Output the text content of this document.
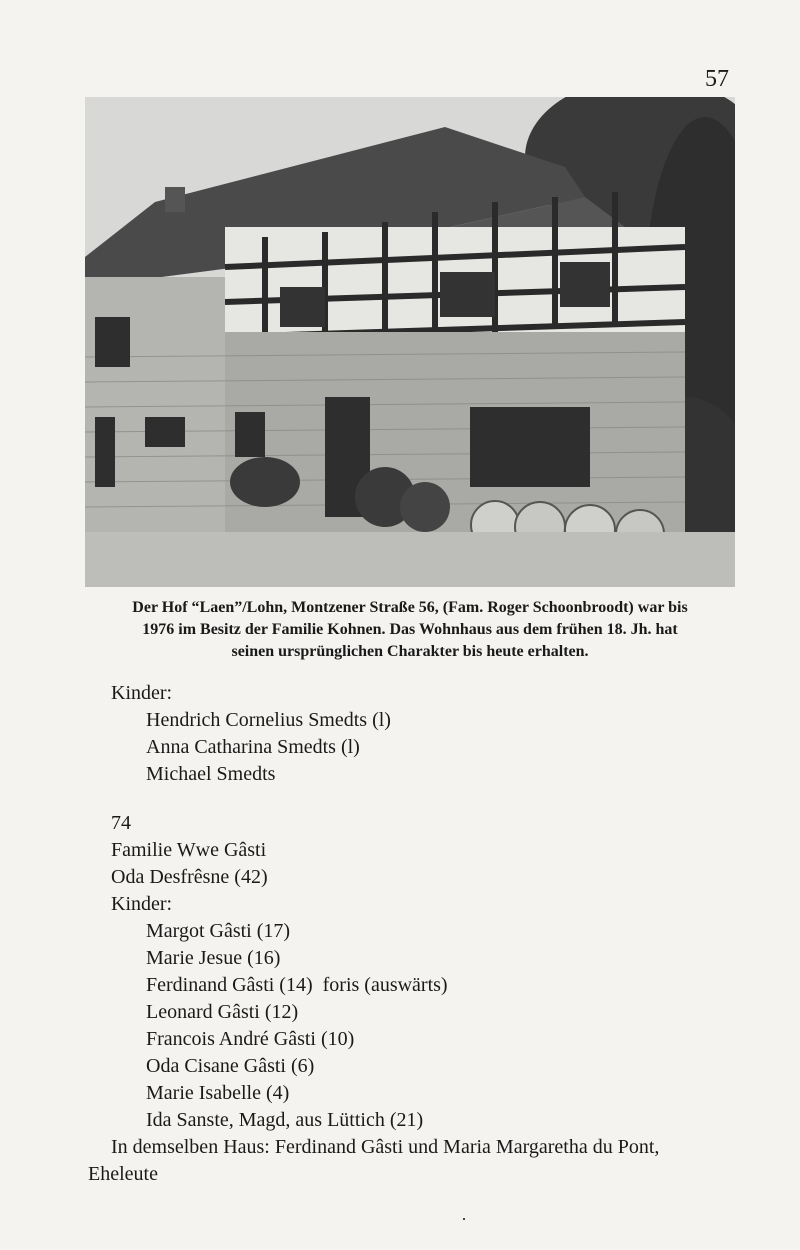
57
Der Hof “Laen”/Lohn, Montzener Straße 56, (Fam. Roger Schoonbroodt) war bis
1976 im Besitz der Familie Kohnen. Das Wohnhaus aus dem frühen 18. Jh. hat
seinen ursprünglichen Charakter bis heute erhalten.
Kinder:
Hendrich Cornelius Smedts (l)
Anna Catharina Smedts (l)
Michael Smedts
74
Familie Wwe Gâsti
Oda Desfrêsne (42)
Kinder:
Margot Gâsti (17)
Marie Jesue (16)
Ferdinand Gâsti (14)  foris (auswärts)
Leonard Gâsti (12)
Francois André Gâsti (10)
Oda Cisane Gâsti (6)
Marie Isabelle (4)
Ida Sanste, Magd, aus Lüttich (21)
In demselben Haus: Ferdinand Gâsti und Maria Margaretha du Pont,
Eheleute
